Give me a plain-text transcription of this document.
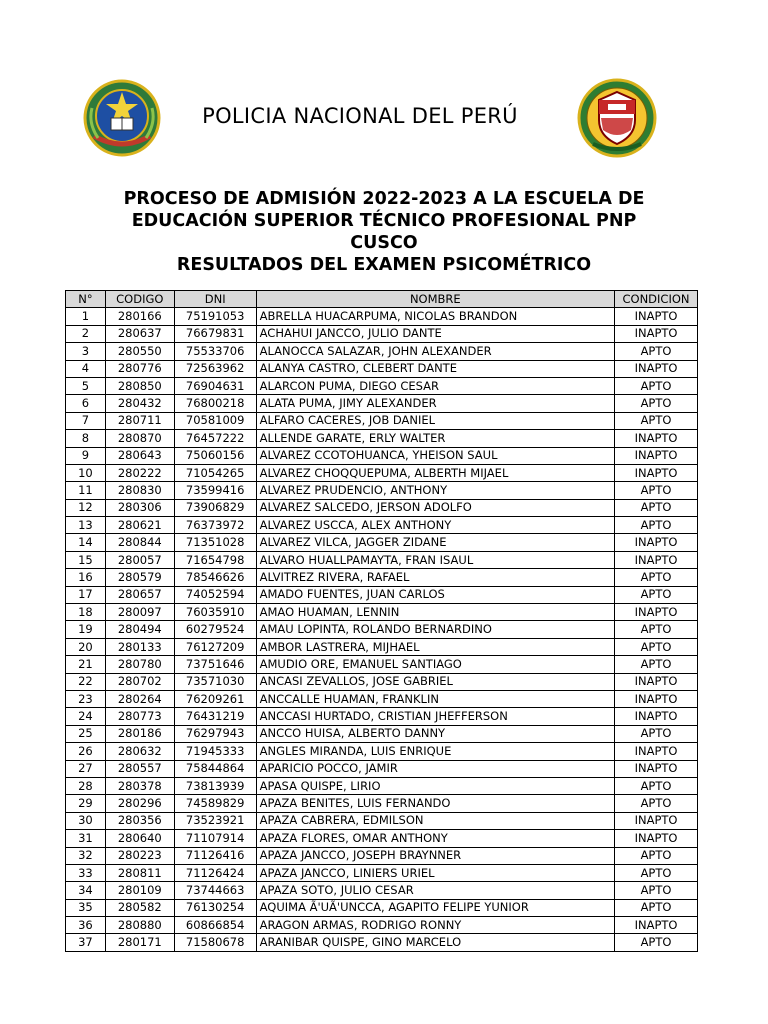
POLICIA NACIONAL DEL PERÚ
PROCESO DE ADMISIÓN 2022-2023 A LA ESCUELA DE
EDUCACIÓN SUPERIOR TÉCNICO PROFESIONAL PNP
CUSCO
RESULTADOS DEL EXAMEN PSICOMÉTRICO
N°	CODIGO	DNI	NOMBRE	CONDICION
1	280166	75191053	ABRELLA HUACARPUMA, NICOLAS BRANDON	INAPTO
2	280637	76679831	ACHAHUI JANCCO, JULIO DANTE	INAPTO
3	280550	75533706	ALANOCCA SALAZAR, JOHN ALEXANDER	APTO
4	280776	72563962	ALANYA CASTRO, CLEBERT DANTE	INAPTO
5	280850	76904631	ALARCON PUMA, DIEGO CESAR	APTO
6	280432	76800218	ALATA PUMA, JIMY ALEXANDER	APTO
7	280711	70581009	ALFARO CACERES, JOB DANIEL	APTO
8	280870	76457222	ALLENDE GARATE, ERLY WALTER	INAPTO
9	280643	75060156	ALVAREZ CCOTOHUANCA, YHEISON SAUL	INAPTO
10	280222	71054265	ALVAREZ CHOQQUEPUMA, ALBERTH MIJAEL	INAPTO
11	280830	73599416	ALVAREZ PRUDENCIO, ANTHONY	APTO
12	280306	73906829	ALVAREZ SALCEDO, JERSON ADOLFO	APTO
13	280621	76373972	ALVAREZ USCCA, ALEX ANTHONY	APTO
14	280844	71351028	ALVAREZ VILCA, JAGGER ZIDANE	INAPTO
15	280057	71654798	ALVARO HUALLPAMAYTA, FRAN ISAUL	INAPTO
16	280579	78546626	ALVITREZ RIVERA, RAFAEL	APTO
17	280657	74052594	AMADO FUENTES, JUAN CARLOS	APTO
18	280097	76035910	AMAO HUAMAN, LENNIN	INAPTO
19	280494	60279524	AMAU LOPINTA, ROLANDO BERNARDINO	APTO
20	280133	76127209	AMBOR LASTRERA, MIJHAEL	APTO
21	280780	73751646	AMUDIO ORE, EMANUEL SANTIAGO	APTO
22	280702	73571030	ANCASI ZEVALLOS, JOSE GABRIEL	INAPTO
23	280264	76209261	ANCCALLE HUAMAN, FRANKLIN	INAPTO
24	280773	76431219	ANCCASI HURTADO, CRISTIAN JHEFFERSON	INAPTO
25	280186	76297943	ANCCO HUISA, ALBERTO DANNY	APTO
26	280632	71945333	ANGLES MIRANDA, LUIS ENRIQUE	INAPTO
27	280557	75844864	APARICIO POCCO, JAMIR	INAPTO
28	280378	73813939	APASA QUISPE, LIRIO	APTO
29	280296	74589829	APAZA BENITES, LUIS FERNANDO	APTO
30	280356	73523921	APAZA CABRERA, EDMILSON	INAPTO
31	280640	71107914	APAZA FLORES, OMAR ANTHONY	INAPTO
32	280223	71126416	APAZA JANCCO, JOSEPH BRAYNNER	APTO
33	280811	71126424	APAZA JANCCO, LINIERS URIEL	APTO
34	280109	73744663	APAZA SOTO, JULIO CESAR	APTO
35	280582	76130254	AQUIMA Ã'UÃ'UNCCA, AGAPITO FELIPE YUNIOR	APTO
36	280880	60866854	ARAGON ARMAS, RODRIGO RONNY	INAPTO
37	280171	71580678	ARANIBAR QUISPE, GINO MARCELO	APTO
